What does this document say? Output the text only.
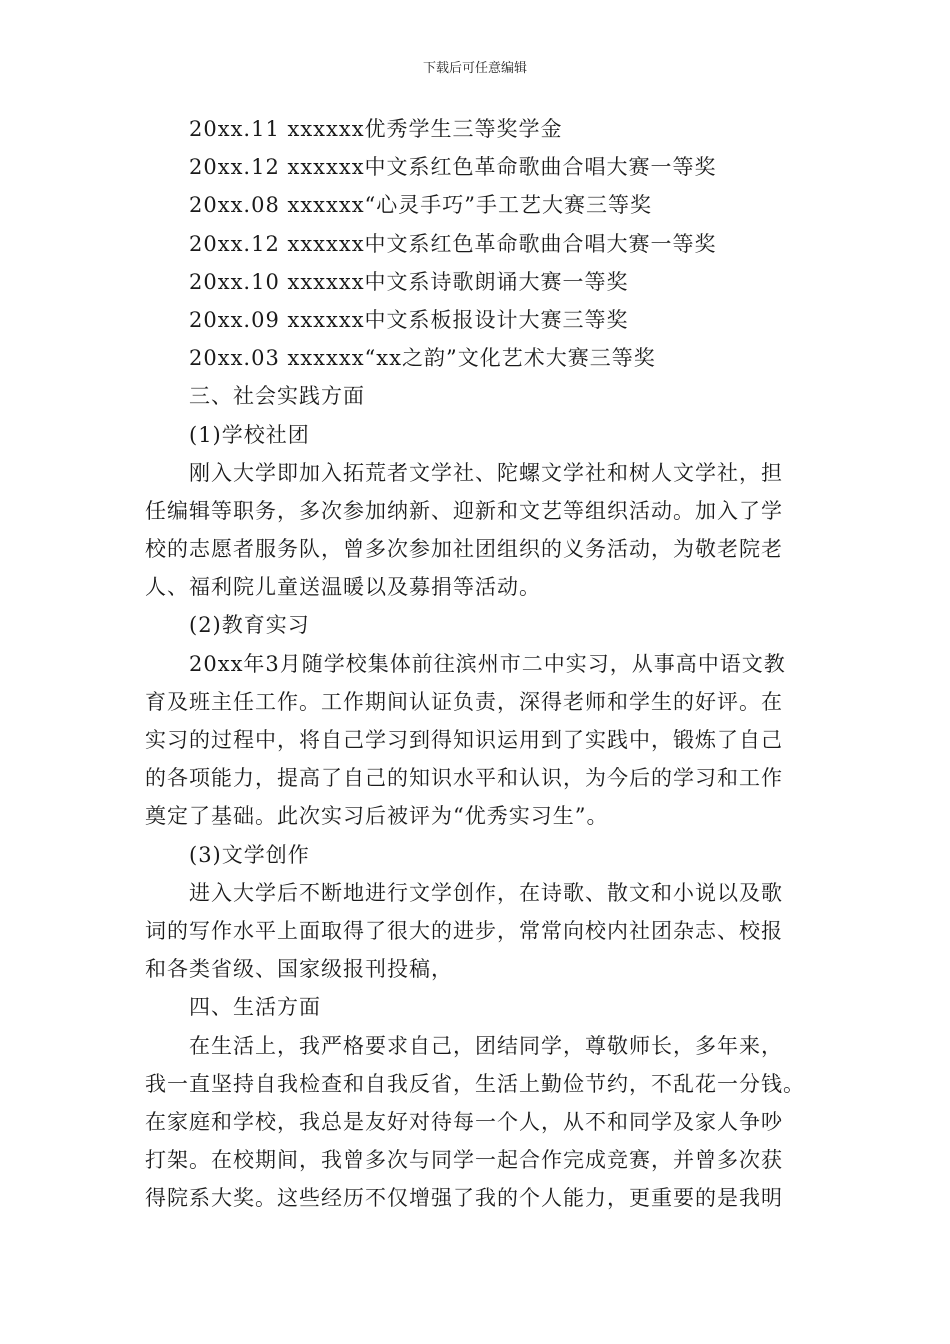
下载后可任意编辑
20xx.11 xxxxxx优秀学生三等奖学金
20xx.12 xxxxxx中文系红色革命歌曲合唱大赛一等奖
20xx.08 xxxxxx“心灵手巧”手工艺大赛三等奖
20xx.12 xxxxxx中文系红色革命歌曲合唱大赛一等奖
20xx.10 xxxxxx中文系诗歌朗诵大赛一等奖
20xx.09 xxxxxx中文系板报设计大赛三等奖
20xx.03 xxxxxx“xx之韵”文化艺术大赛三等奖
三、社会实践方面
(1)学校社团
刚入大学即加入拓荒者文学社、陀螺文学社和树人文学社，担
任编辑等职务，多次参加纳新、迎新和文艺等组织活动。加入了学
校的志愿者服务队，曾多次参加社团组织的义务活动，为敬老院老
人、福利院儿童送温暖以及募捐等活动。
(2)教育实习
20xx年3月随学校集体前往滨州市二中实习，从事高中语文教
育及班主任工作。工作期间认证负责，深得老师和学生的好评。在
实习的过程中，将自己学习到得知识运用到了实践中，锻炼了自己
的各项能力，提高了自己的知识水平和认识，为今后的学习和工作
奠定了基础。此次实习后被评为“优秀实习生”。
(3)文学创作
进入大学后不断地进行文学创作，在诗歌、散文和小说以及歌
词的写作水平上面取得了很大的进步，常常向校内社团杂志、校报
和各类省级、国家级报刊投稿，
四、生活方面
在生活上，我严格要求自己，团结同学，尊敬师长，多年来，
我一直坚持自我检查和自我反省，生活上勤俭节约，不乱花一分钱。
在家庭和学校，我总是友好对待每一个人，从不和同学及家人争吵
打架。在校期间，我曾多次与同学一起合作完成竞赛，并曾多次获
得院系大奖。这些经历不仅增强了我的个人能力，更重要的是我明
